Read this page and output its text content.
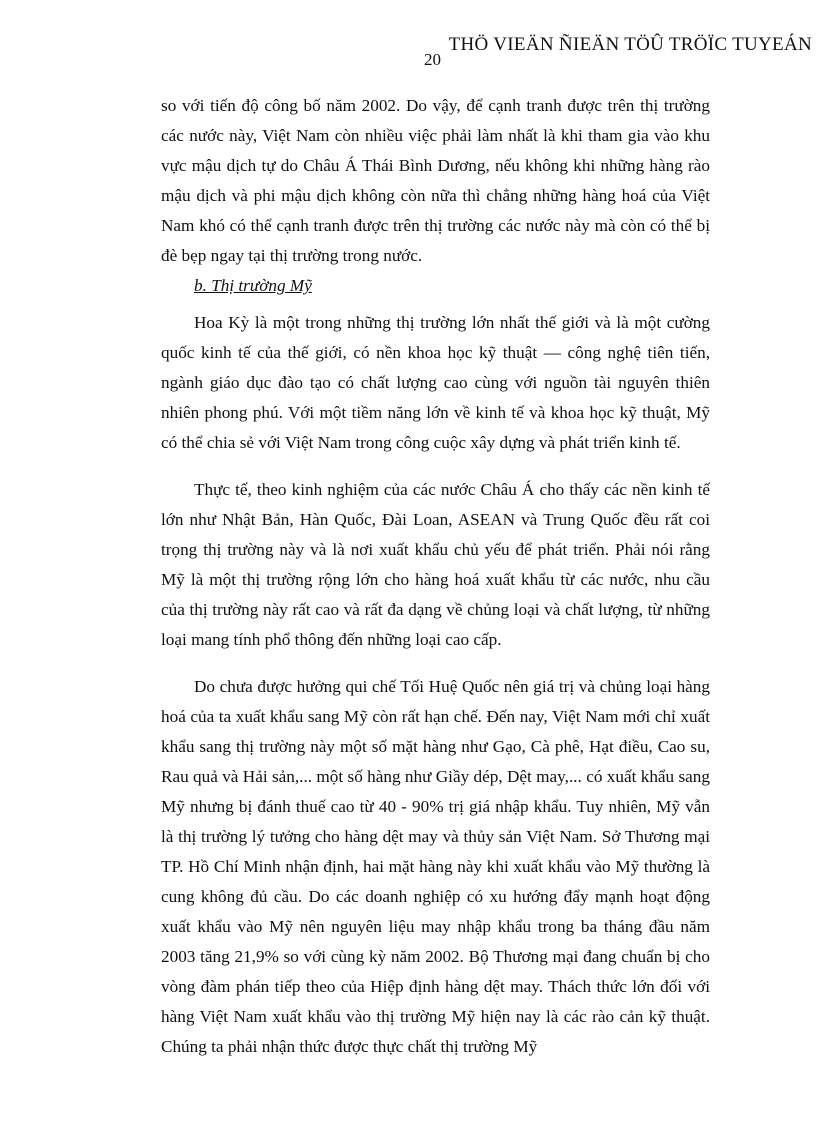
THÖ VIEÄN ÑIEÄN TÖÛ TRÖÏC TUYEÁN
20

so với tiến độ công bố năm 2002. Do vậy, để cạnh tranh được trên thị trường các nước này, Việt Nam còn nhiều việc phải làm nhất là khi tham gia vào khu vực mậu dịch tự do Châu Á Thái Bình Dương, nếu không khi những hàng rào mậu dịch và phi mậu dịch không còn nữa thì chẳng những hàng hoá của Việt Nam khó có thể cạnh tranh được trên thị trường các nước này mà còn có thể bị đè bẹp ngay tại thị trường trong nước.

b. Thị trường Mỹ

Hoa Kỳ là một trong những thị trường lớn nhất thế giới và là một cường quốc kinh tế của thế giới, có nền khoa học kỹ thuật — công nghệ tiên tiến, ngành giáo dục đào tạo có chất lượng cao cùng với nguồn tài nguyên thiên nhiên phong phú. Với một tiềm năng lớn về kinh tế và khoa học kỹ thuật, Mỹ có thể chia sẻ với Việt Nam trong công cuộc xây dựng và phát triển kinh tế.

Thực tế, theo kinh nghiệm của các nước Châu Á cho thấy các nền kinh tế lớn như Nhật Bản, Hàn Quốc, Đài Loan, ASEAN và Trung Quốc đều rất coi trọng thị trường này và là nơi xuất khẩu chủ yếu để phát triển. Phải nói rằng Mỹ là một thị trường rộng lớn cho hàng hoá xuất khẩu từ các nước, nhu cầu của thị trường này rất cao và rất đa dạng về chủng loại và chất lượng, từ những loại mang tính phổ thông đến những loại cao cấp.

Do chưa được hưởng qui chế Tối Huệ Quốc nên giá trị và chủng loại hàng hoá của ta xuất khẩu sang Mỹ còn rất hạn chế. Đến nay, Việt Nam mới chỉ xuất khẩu sang thị trường này một số mặt hàng như Gạo, Cà phê, Hạt điều, Cao su, Rau quả và Hải sản,... một số hàng như Giầy dép, Dệt may,... có xuất khẩu sang Mỹ nhưng bị đánh thuế cao từ 40 - 90% trị giá nhập khẩu. Tuy nhiên, Mỹ vẫn là thị trường lý tưởng cho hàng dệt may và thủy sản Việt Nam. Sở Thương mại TP. Hồ Chí Minh nhận định, hai mặt hàng này khi xuất khẩu vào Mỹ thường là cung không đủ cầu. Do các doanh nghiệp có xu hướng đẩy mạnh hoạt động xuất khẩu vào Mỹ nên nguyên liệu may nhập khẩu trong ba tháng đầu năm 2003 tăng 21,9% so với cùng kỳ năm 2002. Bộ Thương mại đang chuẩn bị cho vòng đàm phán tiếp theo của Hiệp định hàng dệt may. Thách thức lớn đối với hàng Việt Nam xuất khẩu vào thị trường Mỹ hiện nay là các rào cản kỹ thuật. Chúng ta phải nhận thức được thực chất thị trường Mỹ
